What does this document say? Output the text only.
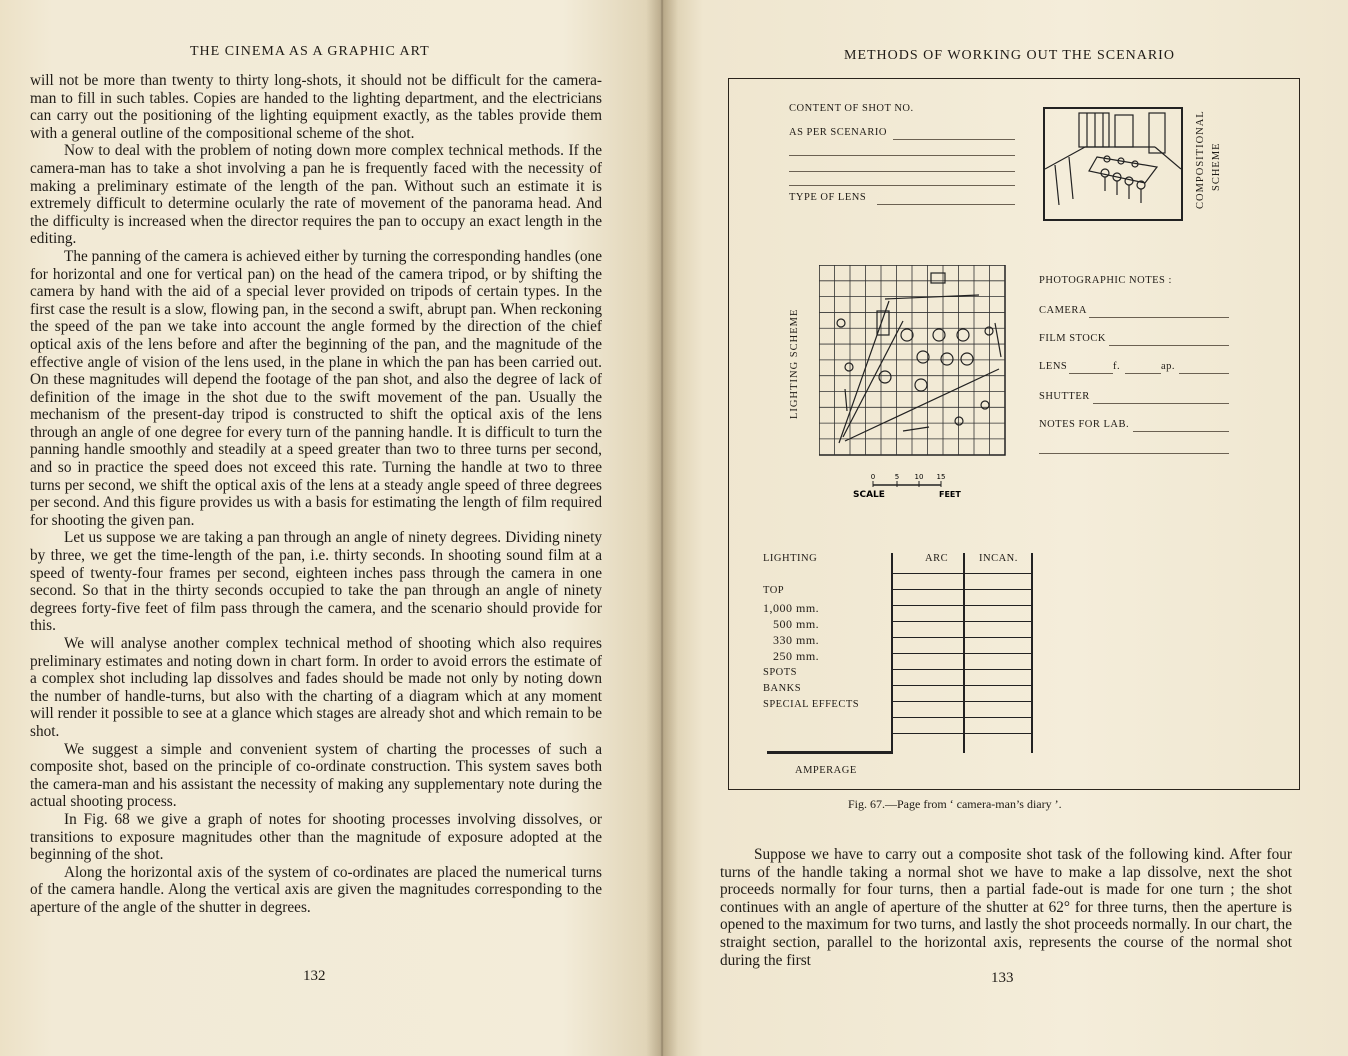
THE CINEMA AS A GRAPHIC ART

will not be more than twenty to thirty long-shots, it should not be difficult for the camera-man to fill in such tables. Copies are handed to the lighting department, and the electricians can carry out the positioning of the lighting equipment exactly, as the tables provide them with a general outline of the compositional scheme of the shot.

Now to deal with the problem of noting down more complex technical methods. If the camera-man has to take a shot involving a pan he is frequently faced with the necessity of making a preliminary estimate of the length of the pan. Without such an estimate it is extremely difficult to determine ocularly the rate of movement of the panorama head. And the difficulty is increased when the director requires the pan to occupy an exact length in the editing.

The panning of the camera is achieved either by turning the corresponding handles (one for horizontal and one for vertical pan) on the head of the camera tripod, or by shifting the camera by hand with the aid of a special lever provided on tripods of certain types. In the first case the result is a slow, flowing pan, in the second a swift, abrupt pan. When reckoning the speed of the pan we take into account the angle formed by the direction of the chief optical axis of the lens before and after the beginning of the pan, and the magnitude of the effective angle of vision of the lens used, in the plane in which the pan has been carried out. On these magnitudes will depend the footage of the pan shot, and also the degree of lack of definition of the image in the shot due to the swift movement of the pan. Usually the mechanism of the present-day tripod is constructed to shift the optical axis of the lens through an angle of one degree for every turn of the panning handle. It is difficult to turn the panning handle smoothly and steadily at a speed greater than two to three turns per second, and so in practice the speed does not exceed this rate. Turning the handle at two to three turns per second, we shift the optical axis of the lens at a steady angle speed of three degrees per second. And this figure provides us with a basis for estimating the length of film required for shooting the given pan.

Let us suppose we are taking a pan through an angle of ninety degrees. Dividing ninety by three, we get the time-length of the pan, i.e. thirty seconds. In shooting sound film at a speed of twenty-four frames per second, eighteen inches pass through the camera in one second. So that in the thirty seconds occupied to take the pan through an angle of ninety degrees forty-five feet of film pass through the camera, and the scenario should provide for this.

We will analyse another complex technical method of shooting which also requires preliminary estimates and noting down in chart form. In order to avoid errors the estimate of a complex shot including lap dissolves and fades should be made not only by noting down the number of handle-turns, but also with the charting of a diagram which at any moment will render it possible to see at a glance which stages are already shot and which remain to be shot.

We suggest a simple and convenient system of charting the processes of such a composite shot, based on the principle of co-ordinate construction. This system saves both the camera-man and his assistant the necessity of making any supplementary note during the actual shooting process.

In Fig. 68 we give a graph of notes for shooting processes involving dissolves, or transitions to exposure magnitudes other than the magnitude of exposure adopted at the beginning of the shot.

Along the horizontal axis of the system of co-ordinates are placed the numerical turns of the camera handle. Along the vertical axis are given the magnitudes corresponding to the aperture of the angle of the shutter in degrees.

132
METHODS OF WORKING OUT THE SCENARIO
CONTENT OF SHOT NO.
AS PER SCENARIO
TYPE OF LENS	COMPOSITIONAL SCHEME
LIGHTING SCHEME
0	5 10 15
SCALE	FEET
PHOTOGRAPHIC NOTES :
CAMERA
FILM STOCK
LENS	f.	ap.
SHUTTER
NOTES FOR LAB.
LIGHTING	ARC	INCAN.
TOP
1,000 mm.
500 mm.
330 mm.
250 mm.
SPOTS
BANKS
SPECIAL EFFECTS
AMPERAGE
Fig. 67.—Page from ‘ camera-man’s diary ’.

Suppose we have to carry out a composite shot task of the following kind. After four turns of the handle taking a normal shot we have to make a lap dissolve, next the shot proceeds normally for four turns, then a partial fade-out is made for one turn ; the shot continues with an angle of aperture of the shutter at 62° for three turns, then the aperture is opened to the maximum for two turns, and lastly the shot proceeds normally. In our chart, the straight section, parallel to the horizontal axis, represents the course of the normal shot during the first

133
